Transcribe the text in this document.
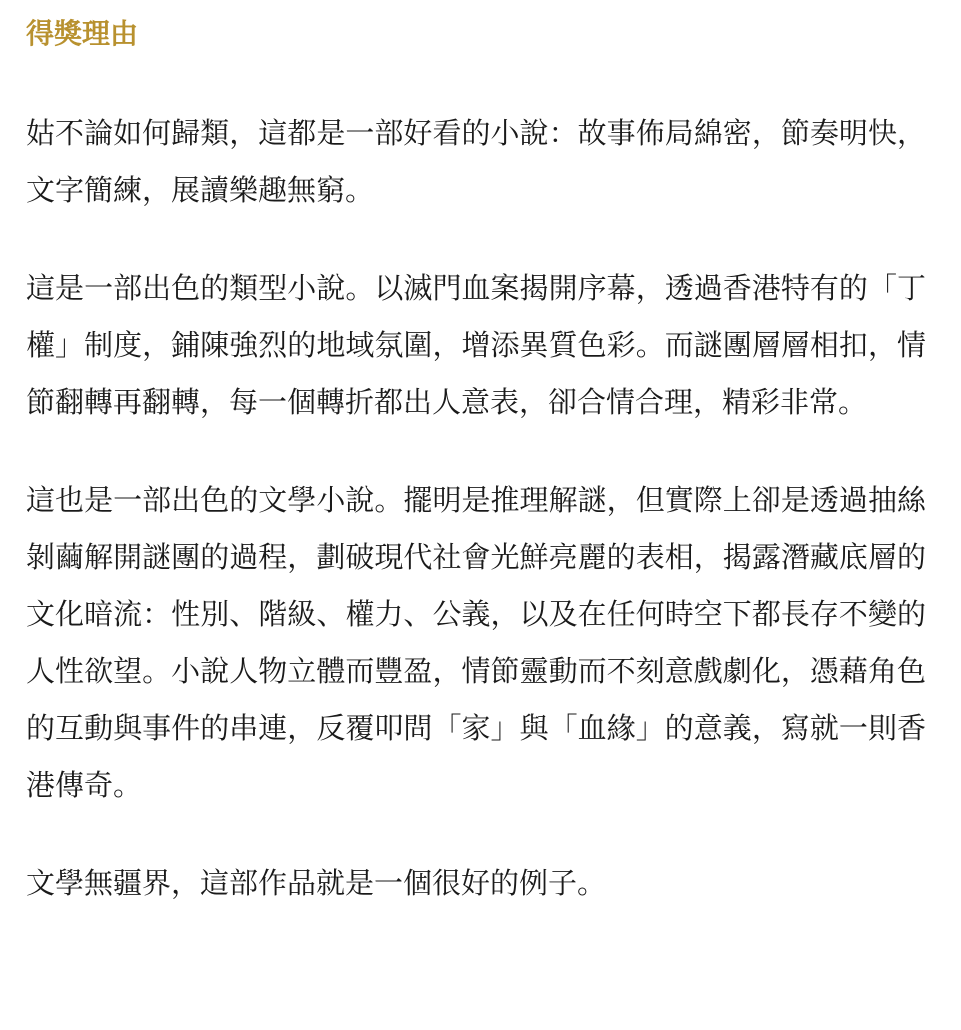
得獎理由

姑不論如何歸類，這都是一部好看的小說：故事佈局綿密，節奏明快，文字簡練，展讀樂趣無窮。

這是一部出色的類型小說。以滅門血案揭開序幕，透過香港特有的「丁權」制度，鋪陳強烈的地域氛圍，增添異質色彩。而謎團層層相扣，情節翻轉再翻轉，每一個轉折都出人意表，卻合情合理，精彩非常。

這也是一部出色的文學小說。擺明是推理解謎，但實際上卻是透過抽絲剝繭解開謎團的過程，劃破現代社會光鮮亮麗的表相，揭露潛藏底層的文化暗流：性別、階級、權力、公義，以及在任何時空下都長存不變的人性欲望。小說人物立體而豐盈，情節靈動而不刻意戲劇化，憑藉角色的互動與事件的串連，反覆叩問「家」與「血緣」的意義，寫就一則香港傳奇。

文學無疆界，這部作品就是一個很好的例子。
